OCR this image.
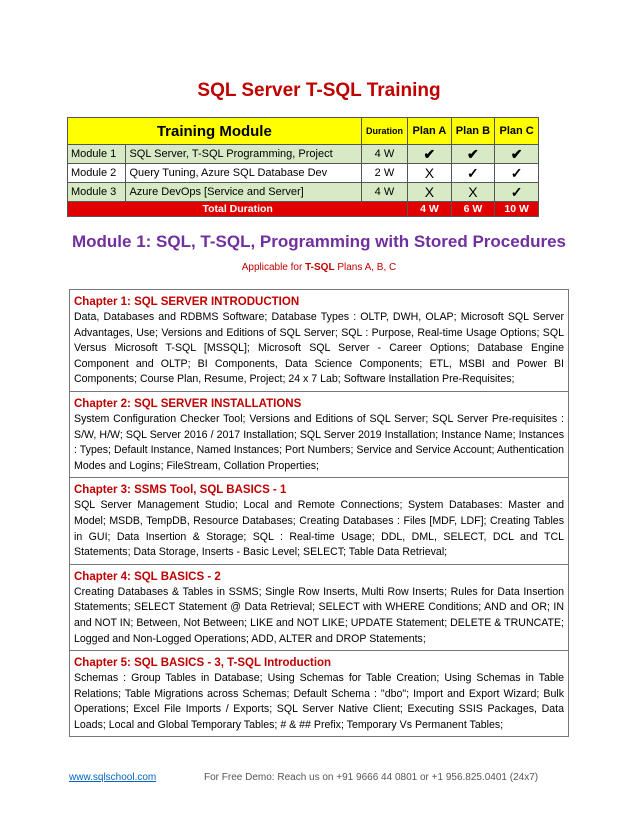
SQL Server T-SQL Training
Training Module		Duration	Plan A	Plan B	Plan C
Module 1	SQL Server, T-SQL Programming, Project	4 W	✔	✔	✔
Module 2	Query Tuning, Azure SQL Database Dev	2 W	X	✓	✓
Module 3	Azure DevOps [Service and Server]	4 W	X	X	✓
Total Duration			4 W	6 W	10 W
Module 1: SQL, T-SQL, Programming with Stored Procedures
Applicable for T-SQL Plans A, B, C
Chapter 1: SQL SERVER INTRODUCTION
Data, Databases and RDBMS Software; Database Types : OLTP, DWH, OLAP; Microsoft SQL Server Advantages, Use; Versions and Editions of SQL Server; SQL : Purpose, Real-time Usage Options; SQL Versus Microsoft T-SQL [MSSQL]; Microsoft SQL Server - Career Options; Database Engine Component and OLTP; BI Components, Data Science Components; ETL, MSBI and Power BI Components; Course Plan, Resume, Project; 24 x 7 Lab; Software Installation Pre-Requisites;
Chapter 2: SQL SERVER INSTALLATIONS
System Configuration Checker Tool; Versions and Editions of SQL Server; SQL Server Pre-requisites : S/W, H/W; SQL Server 2016 / 2017 Installation; SQL Server 2019 Installation; Instance Name; Instances : Types; Default Instance, Named Instances; Port Numbers; Service and Service Account; Authentication Modes and Logins; FileStream, Collation Properties;
Chapter 3: SSMS Tool, SQL BASICS - 1
SQL Server Management Studio; Local and Remote Connections; System Databases: Master and Model; MSDB, TempDB, Resource Databases; Creating Databases : Files [MDF, LDF]; Creating Tables in GUI; Data Insertion & Storage; SQL : Real-time Usage; DDL, DML, SELECT, DCL and TCL Statements; Data Storage, Inserts - Basic Level; SELECT; Table Data Retrieval;
Chapter 4: SQL BASICS - 2
Creating Databases & Tables in SSMS; Single Row Inserts, Multi Row Inserts; Rules for Data Insertion Statements; SELECT Statement @ Data Retrieval; SELECT with WHERE Conditions; AND and OR; IN and NOT IN; Between, Not Between; LIKE and NOT LIKE; UPDATE Statement; DELETE & TRUNCATE; Logged and Non-Logged Operations; ADD, ALTER and DROP Statements;
Chapter 5: SQL BASICS - 3, T-SQL Introduction
Schemas : Group Tables in Database; Using Schemas for Table Creation; Using Schemas in Table Relations; Table Migrations across Schemas; Default Schema : "dbo"; Import and Export Wizard; Bulk Operations; Excel File Imports / Exports; SQL Server Native Client; Executing SSIS Packages, Data Loads; Local and Global Temporary Tables; # & ## Prefix; Temporary Vs Permanent Tables;
www.sqlschool.com	For Free Demo: Reach us on +91 9666 44 0801 or +1 956.825.0401 (24x7)
